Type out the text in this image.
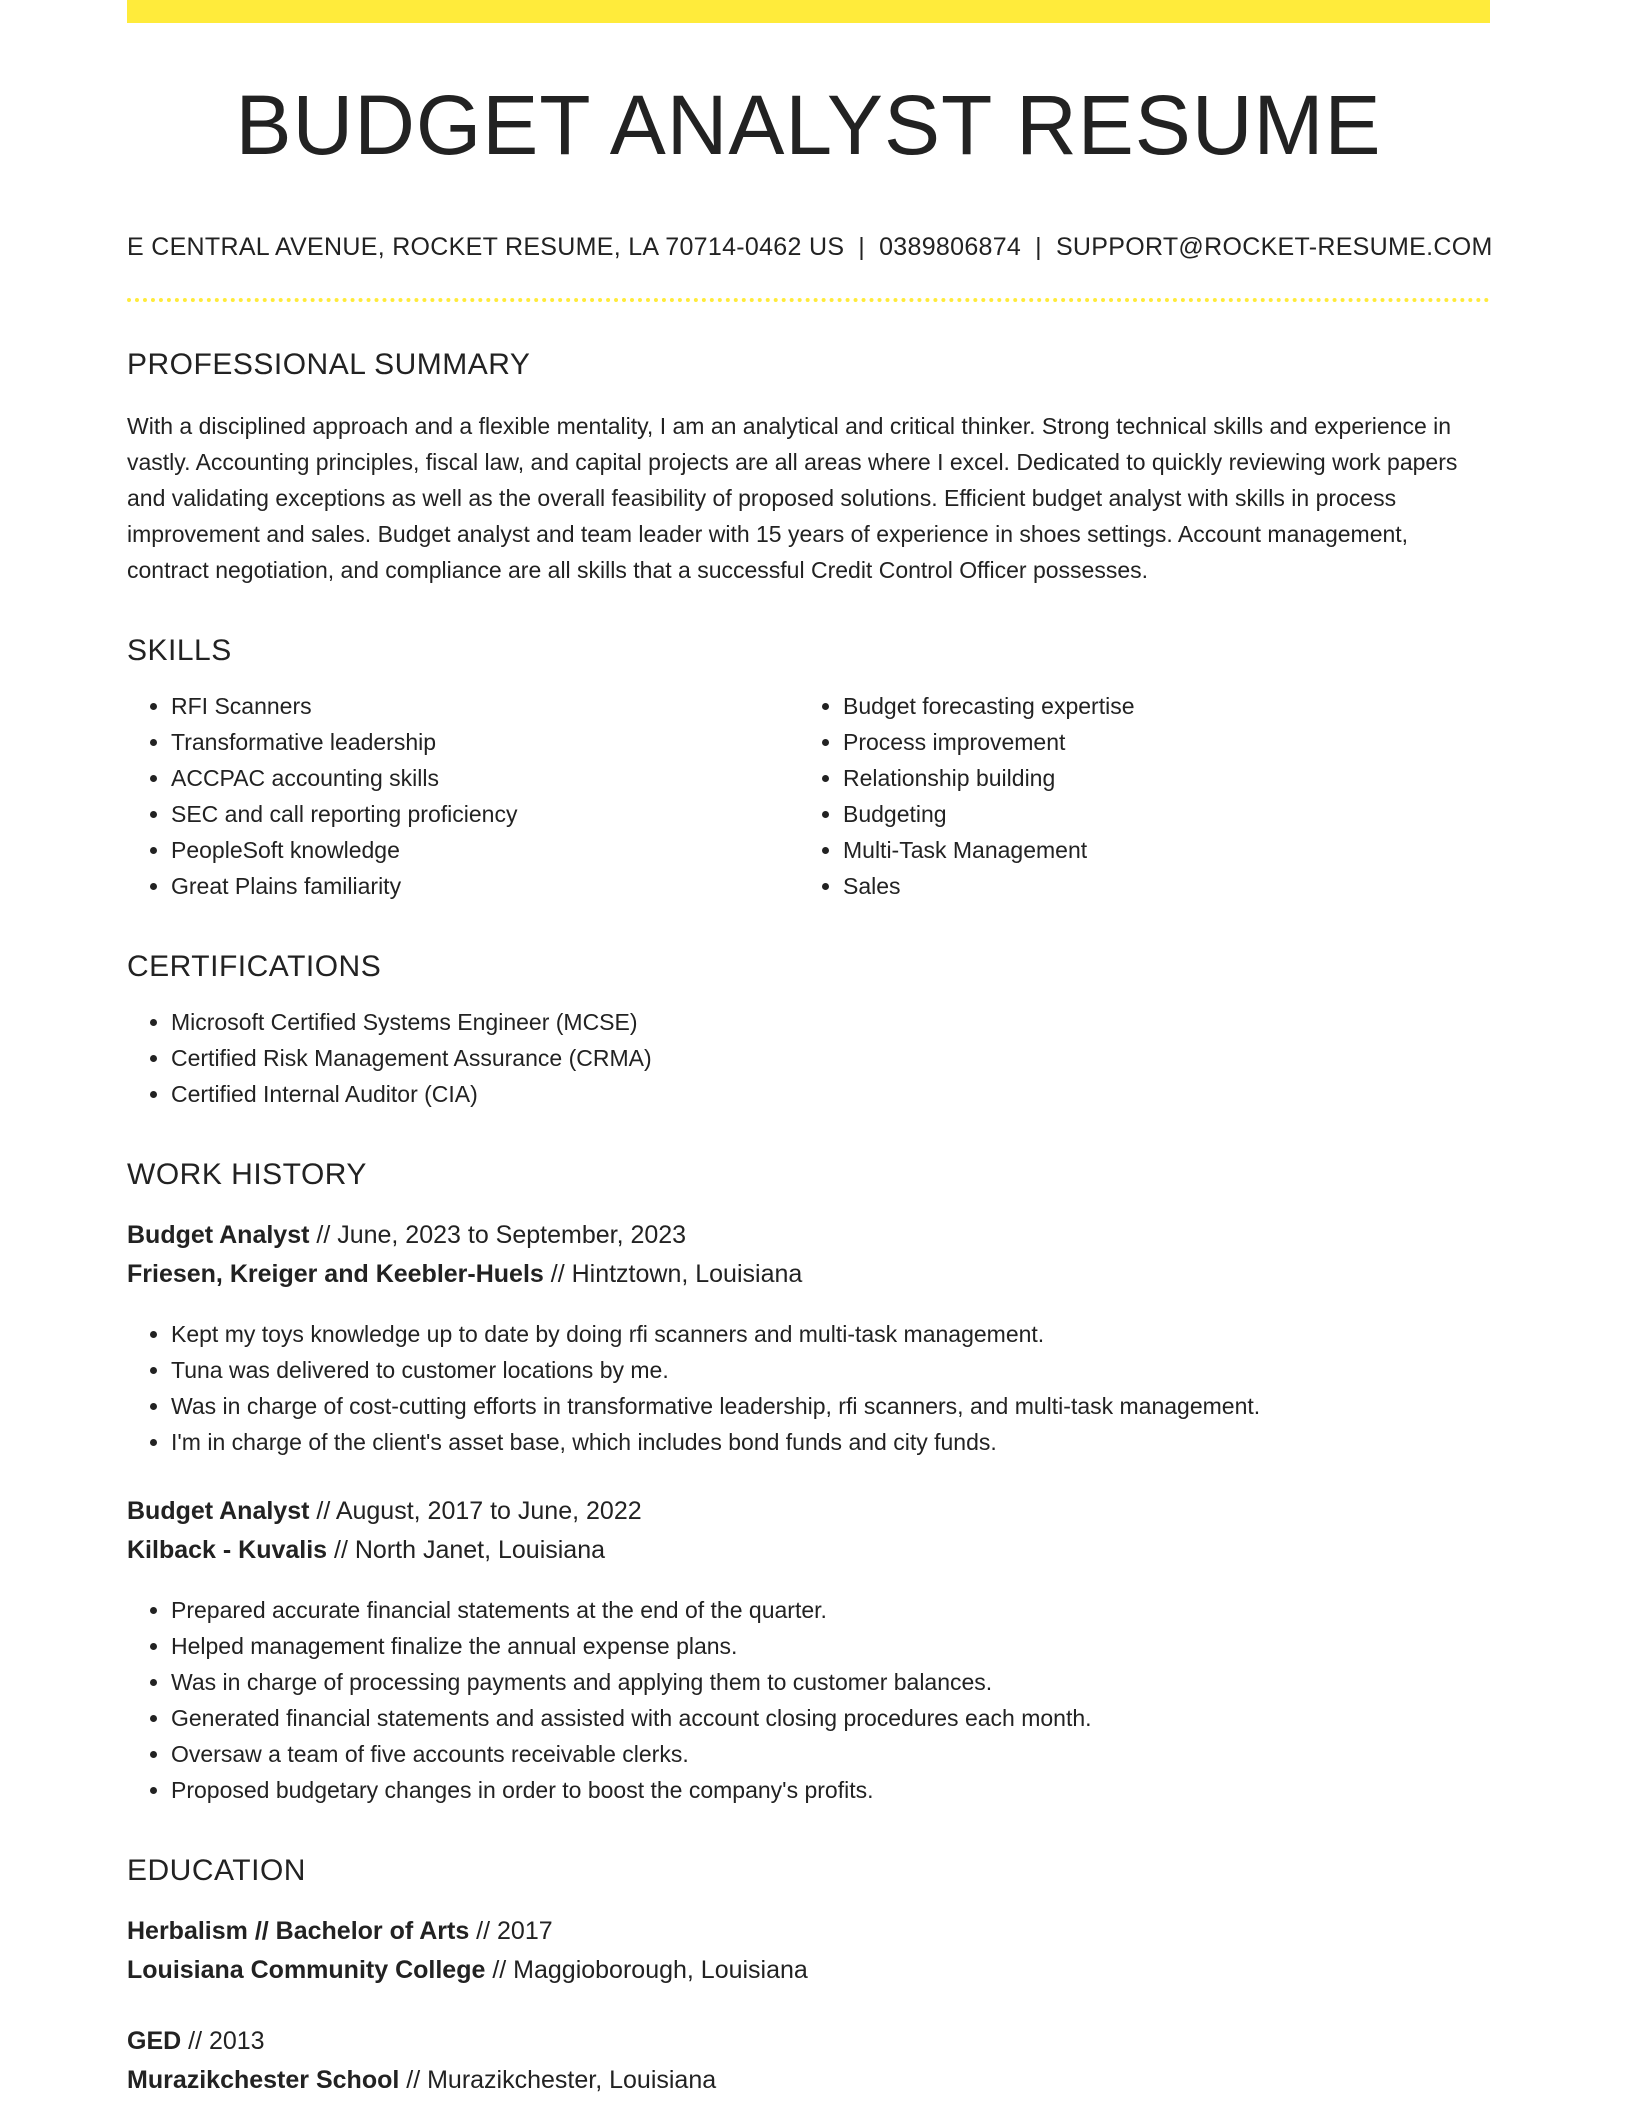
BUDGET ANALYST RESUME
E CENTRAL AVENUE, ROCKET RESUME, LA 70714-0462 US | 0389806874 | SUPPORT@ROCKET-RESUME.COM
PROFESSIONAL SUMMARY

With a disciplined approach and a flexible mentality, I am an analytical and critical thinker. Strong technical skills and experience in vastly. Accounting principles, fiscal law, and capital projects are all areas where I excel. Dedicated to quickly reviewing work papers and validating exceptions as well as the overall feasibility of proposed solutions. Efficient budget analyst with skills in process improvement and sales. Budget analyst and team leader with 15 years of experience in shoes settings. Account management, contract negotiation, and compliance are all skills that a successful Credit Control Officer possesses.

SKILLS
• RFI Scanners
• Transformative leadership
• ACCPAC accounting skills
• SEC and call reporting proficiency
• PeopleSoft knowledge
• Great Plains familiarity
• Budget forecasting expertise
• Process improvement
• Relationship building
• Budgeting
• Multi-Task Management
• Sales
CERTIFICATIONS
• Microsoft Certified Systems Engineer (MCSE)
• Certified Risk Management Assurance (CRMA)
• Certified Internal Auditor (CIA)
WORK HISTORY
Budget Analyst // June, 2023 to September, 2023
Friesen, Kreiger and Keebler-Huels // Hintztown, Louisiana
• Kept my toys knowledge up to date by doing rfi scanners and multi-task management.
• Tuna was delivered to customer locations by me.
• Was in charge of cost-cutting efforts in transformative leadership, rfi scanners, and multi-task management.
• I'm in charge of the client's asset base, which includes bond funds and city funds.
Budget Analyst // August, 2017 to June, 2022
Kilback - Kuvalis // North Janet, Louisiana
• Prepared accurate financial statements at the end of the quarter.
• Helped management finalize the annual expense plans.
• Was in charge of processing payments and applying them to customer balances.
• Generated financial statements and assisted with account closing procedures each month.
• Oversaw a team of five accounts receivable clerks.
• Proposed budgetary changes in order to boost the company's profits.
EDUCATION
Herbalism // Bachelor of Arts // 2017
Louisiana Community College // Maggioborough, Louisiana
GED // 2013
Murazikchester School // Murazikchester, Louisiana
